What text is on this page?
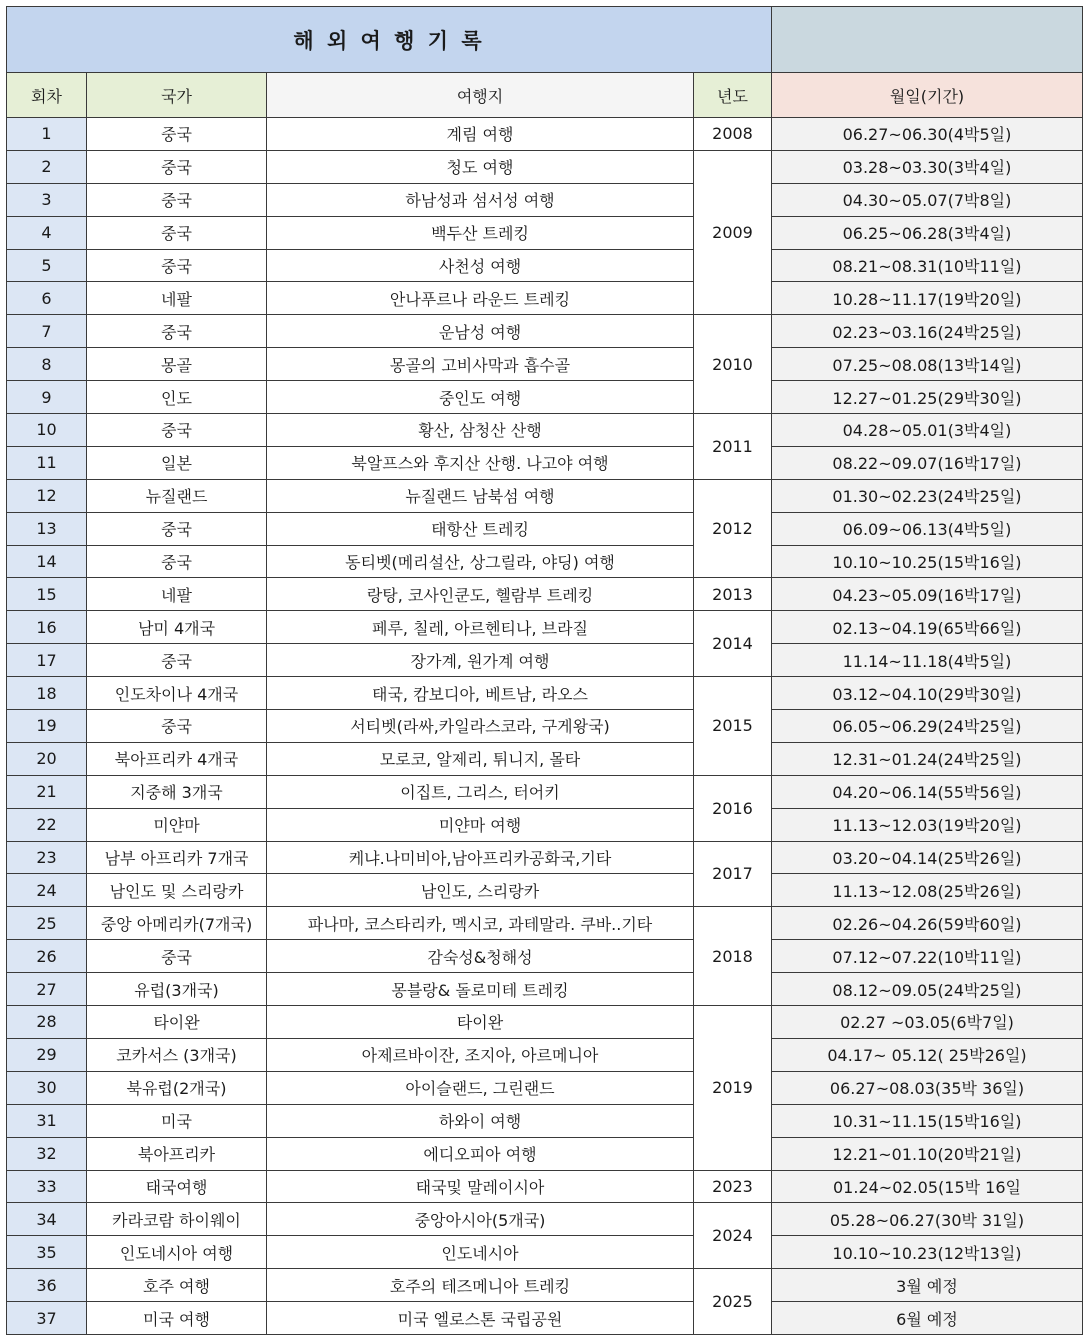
해 외 여 행 기 록				
회차	국가	여행지	년도	월일(기간)
1	중국	계림 여행	2008	06.27~06.30(4박5일)
2	중국	청도 여행	2009	03.28~03.30(3박4일)
3	중국	하남성과 섬서성 여행		04.30~05.07(7박8일)
4	중국	백두산 트레킹		06.25~06.28(3박4일)
5	중국	사천성 여행		08.21~08.31(10박11일)
6	네팔	안나푸르나 라운드 트레킹		10.28~11.17(19박20일)
7	중국	운남성 여행	2010	02.23~03.16(24박25일)
8	몽골	몽골의 고비사막과 흡수골		07.25~08.08(13박14일)
9	인도	중인도 여행		12.27~01.25(29박30일)
10	중국	황산, 삼청산 산행	2011	04.28~05.01(3박4일)
11	일본	북알프스와 후지산 산행. 나고야 여행		08.22~09.07(16박17일)
12	뉴질랜드	뉴질랜드 남북섬 여행	2012	01.30~02.23(24박25일)
13	중국	태항산 트레킹		06.09~06.13(4박5일)
14	중국	동티벳(메리설산, 상그릴라, 야딩) 여행		10.10~10.25(15박16일)
15	네팔	랑탕, 코사인쿤도, 헬람부 트레킹	2013	04.23~05.09(16박17일)
16	남미 4개국	페루, 칠레, 아르헨티나, 브라질	2014	02.13~04.19(65박66일)
17	중국	장가계, 원가계 여행		11.14~11.18(4박5일)
18	인도차이나 4개국	태국, 캄보디아, 베트남, 라오스	2015	03.12~04.10(29박30일)
19	중국	서티벳(라싸,카일라스코라, 구게왕국)		06.05~06.29(24박25일)
20	북아프리카 4개국	모로코, 알제리, 튀니지, 몰타		12.31~01.24(24박25일)
21	지중해 3개국	이집트, 그리스, 터어키	2016	04.20~06.14(55박56일)
22	미얀마	미얀마 여행		11.13~12.03(19박20일)
23	남부 아프리카 7개국	케냐.나미비아,남아프리카공화국,기타	2017	03.20~04.14(25박26일)
24	남인도 및 스리랑카	남인도, 스리랑카		11.13~12.08(25박26일)
25	중앙 아메리카(7개국)	파나마, 코스타리카, 멕시코, 과테말라. 쿠바..기타	2018	02.26~04.26(59박60일)
26	중국	감숙성&청해성		07.12~07.22(10박11일)
27	유럽(3개국)	몽블랑& 돌로미테 트레킹		08.12~09.05(24박25일)
28	타이완	타이완	2019	02.27 ~03.05(6박7일)
29	코카서스 (3개국)	아제르바이잔, 조지아, 아르메니아		04.17~ 05.12( 25박26일)
30	북유럽(2개국)	아이슬랜드, 그린랜드		06.27~08.03(35박 36일)
31	미국	하와이 여행		10.31~11.15(15박16일)
32	북아프리카	에디오피아 여행		12.21~01.10(20박21일)
33	태국여행	태국및 말레이시아	2023	01.24~02.05(15박 16일
34	카라코람 하이웨이	중앙아시아(5개국)	2024	05.28~06.27(30박 31일)
35	인도네시아 여행	인도네시아		10.10~10.23(12박13일)
36	호주 여행	호주의 테즈메니아 트레킹	2025	3월 예정
37	미국 여행	미국 엘로스톤 국립공원		6월 예정
